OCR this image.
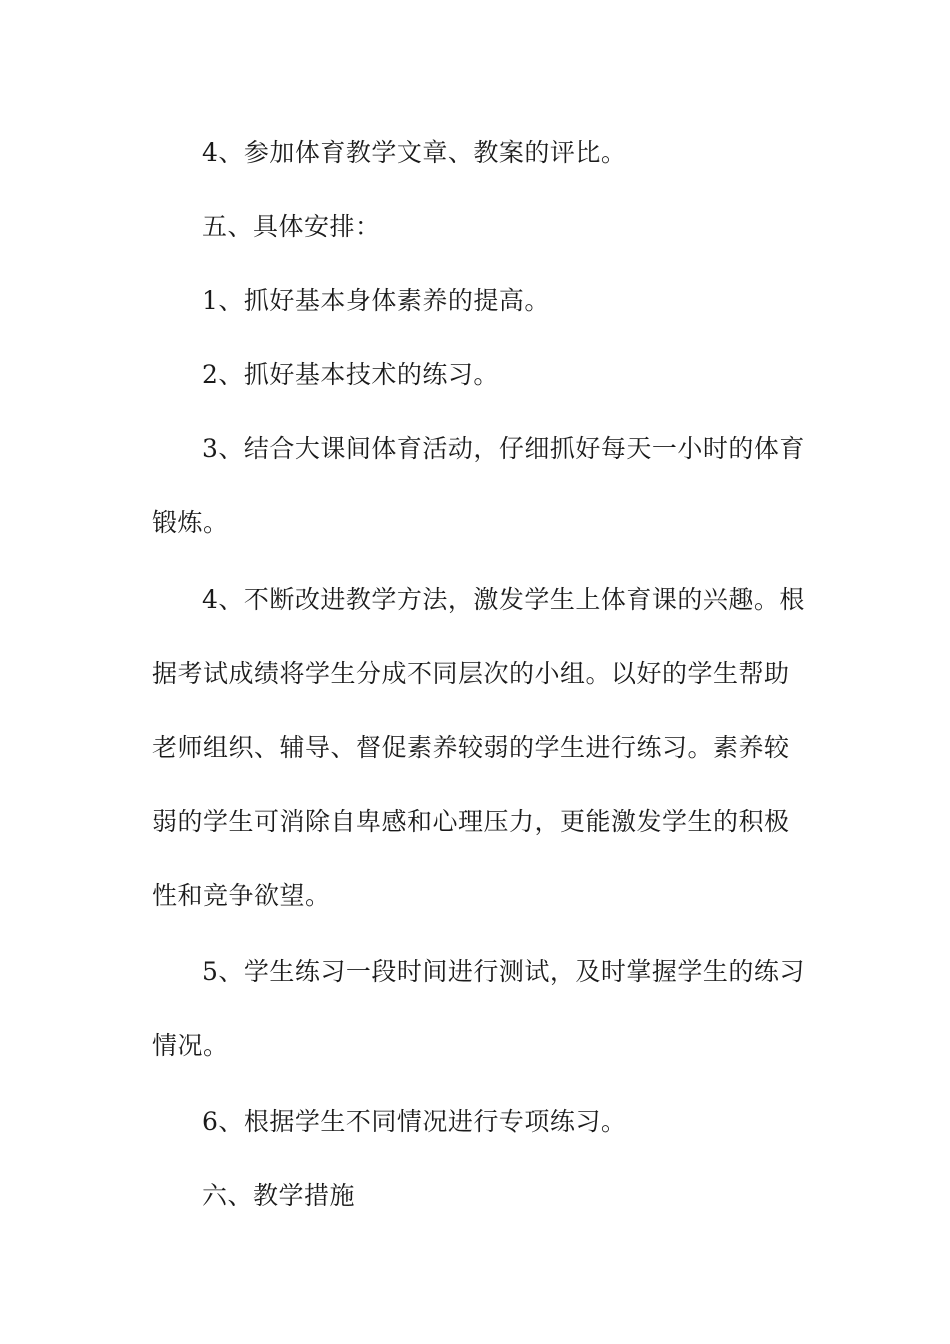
4、参加体育教学文章、教案的评比。
五、具体安排：
1、抓好基本身体素养的提高。
2、抓好基本技术的练习。
3、结合大课间体育活动，仔细抓好每天一小时的体育
锻炼。
4、不断改进教学方法，激发学生上体育课的兴趣。根
据考试成绩将学生分成不同层次的小组。以好的学生帮助
老师组织、辅导、督促素养较弱的学生进行练习。素养较
弱的学生可消除自卑感和心理压力，更能激发学生的积极
性和竞争欲望。
5、学生练习一段时间进行测试，及时掌握学生的练习
情况。
6、根据学生不同情况进行专项练习。
六、教学措施
